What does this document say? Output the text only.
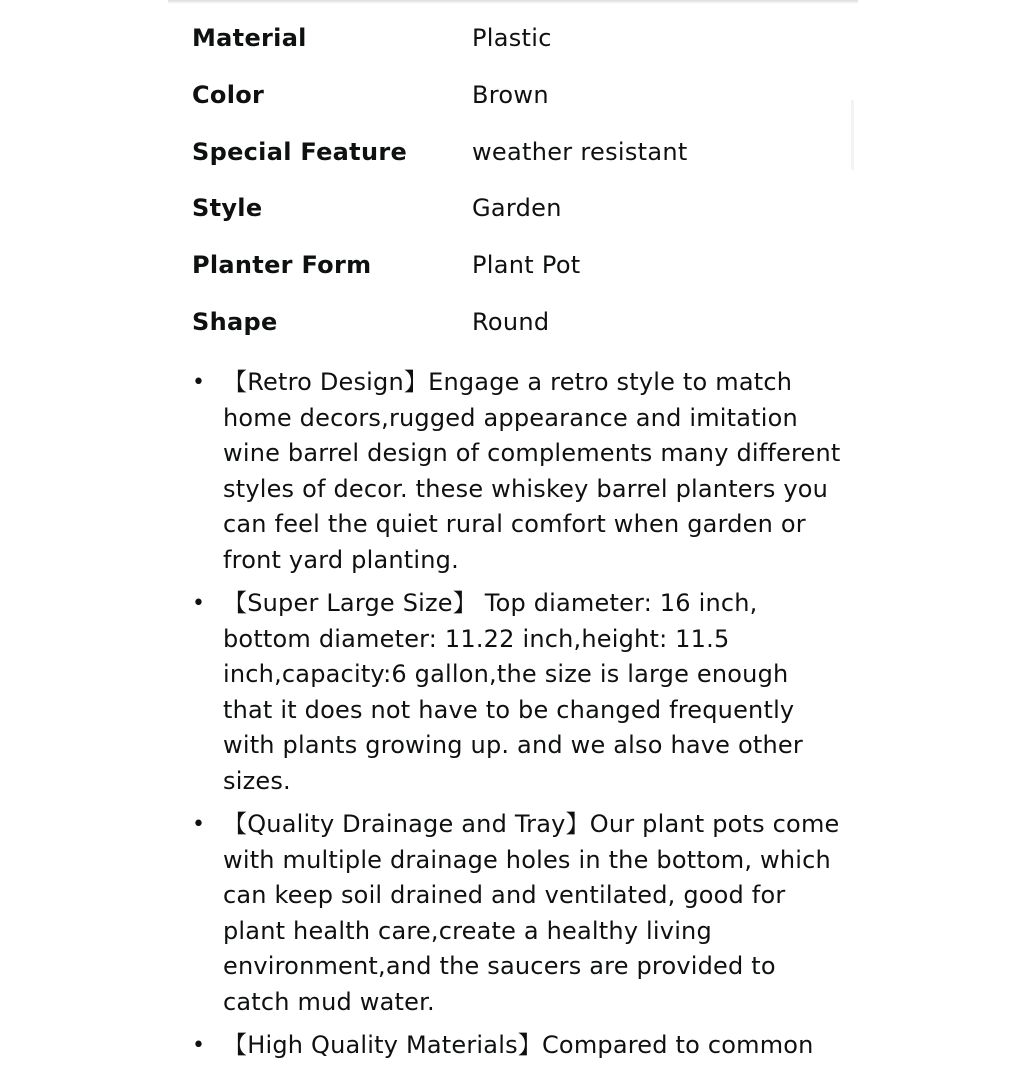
Material	Plastic
Color	Brown
Special Feature	weather resistant
Style	Garden
Planter Form	Plant Pot
Shape	Round
• 【Retro Design】Engage a retro style to match home decors,rugged appearance and imitation wine barrel design of complements many different styles of decor. these whiskey barrel planters you can feel the quiet rural comfort when garden or front yard planting.
• 【Super Large Size】 Top diameter: 16 inch, bottom diameter: 11.22 inch,height: 11.5 inch,capacity:6 gallon,the size is large enough that it does not have to be changed frequently with plants growing up. and we also have other sizes.
• 【Quality Drainage and Tray】Our plant pots come with multiple drainage holes in the bottom, which can keep soil drained and ventilated, good for plant health care,create a healthy living environment,and the saucers are provided to catch mud water.
• 【High Quality Materials】Compared to common
